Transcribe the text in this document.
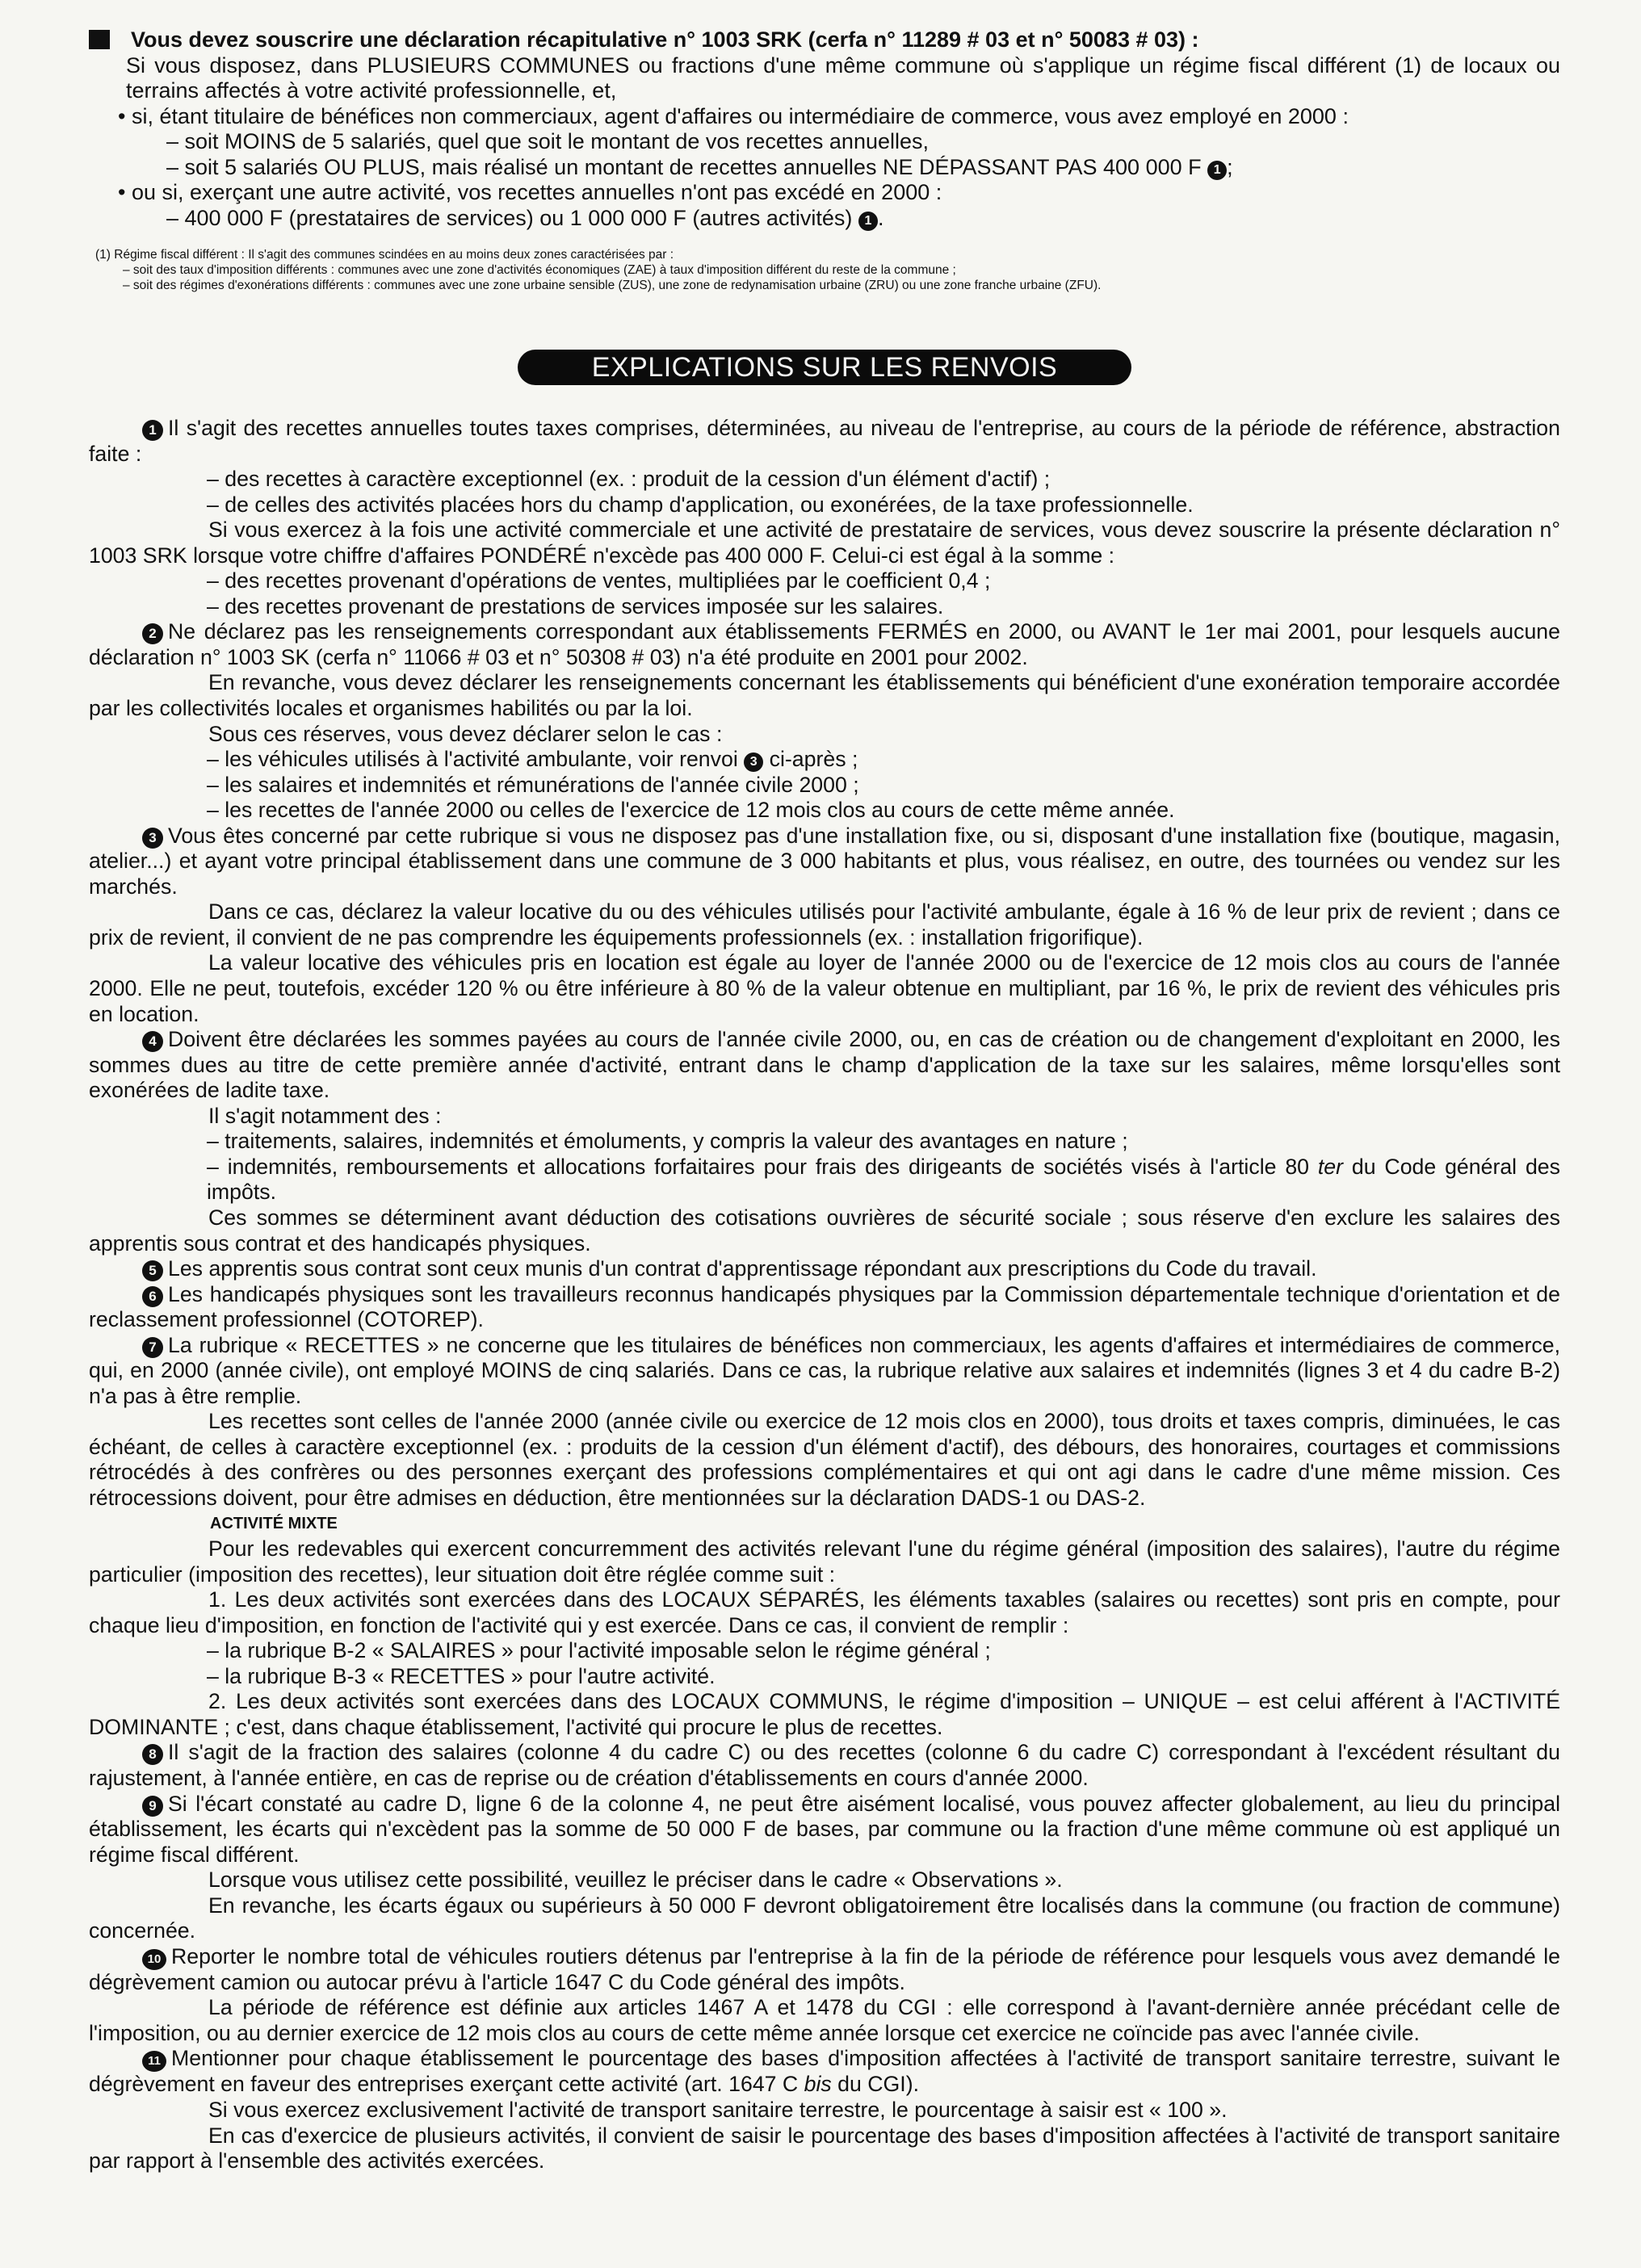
Vous devez souscrire une déclaration récapitulative n° 1003 SRK (cerfa n° 11289 # 03 et n° 50083 # 03) :

Si vous disposez, dans PLUSIEURS COMMUNES ou fractions d'une même commune où s'applique un régime fiscal différent (1) de locaux ou terrains affectés à votre activité professionnelle, et,

• si, étant titulaire de bénéfices non commerciaux, agent d'affaires ou intermédiaire de commerce, vous avez employé en 2000 :

– soit MOINS de 5 salariés, quel que soit le montant de vos recettes annuelles,

– soit 5 salariés OU PLUS, mais réalisé un montant de recettes annuelles NE DÉPASSANT PAS 400 000 F 1 ;

• ou si, exerçant une autre activité, vos recettes annuelles n'ont pas excédé en 2000 :

– 400 000 F (prestataires de services) ou 1 000 000 F (autres activités) 1 .

(1) Régime fiscal différent : Il s'agit des communes scindées en au moins deux zones caractérisées par :

– soit des taux d'imposition différents : communes avec une zone d'activités économiques (ZAE) à taux d'imposition différent du reste de la commune ;

– soit des régimes d'exonérations différents : communes avec une zone urbaine sensible (ZUS), une zone de redynamisation urbaine (ZRU) ou une zone franche urbaine (ZFU).

EXPLICATIONS SUR LES RENVOIS

1 Il s'agit des recettes annuelles toutes taxes comprises, déterminées, au niveau de l'entreprise, au cours de la période de référence, abstraction faite :

– des recettes à caractère exceptionnel (ex. : produit de la cession d'un élément d'actif) ;

– de celles des activités placées hors du champ d'application, ou exonérées, de la taxe professionnelle.

Si vous exercez à la fois une activité commerciale et une activité de prestataire de services, vous devez souscrire la présente déclaration n° 1003 SRK lorsque votre chiffre d'affaires PONDÉRÉ n'excède pas 400 000 F. Celui-ci est égal à la somme :

– des recettes provenant d'opérations de ventes, multipliées par le coefficient 0,4 ;

– des recettes provenant de prestations de services imposée sur les salaires.

2 Ne déclarez pas les renseignements correspondant aux établissements FERMÉS en 2000, ou AVANT le 1er mai 2001, pour lesquels aucune déclaration n° 1003 SK (cerfa n° 11066 # 03 et n° 50308 # 03) n'a été produite en 2001 pour 2002.

En revanche, vous devez déclarer les renseignements concernant les établissements qui bénéficient d'une exonération temporaire accordée par les collectivités locales et organismes habilités ou par la loi.

Sous ces réserves, vous devez déclarer selon le cas :

– les véhicules utilisés à l'activité ambulante, voir renvoi 3 ci-après ;

– les salaires et indemnités et rémunérations de l'année civile 2000 ;

– les recettes de l'année 2000 ou celles de l'exercice de 12 mois clos au cours de cette même année.

3 Vous êtes concerné par cette rubrique si vous ne disposez pas d'une installation fixe, ou si, disposant d'une installation fixe (boutique, magasin, atelier...) et ayant votre principal établissement dans une commune de 3 000 habitants et plus, vous réalisez, en outre, des tournées ou vendez sur les marchés.

Dans ce cas, déclarez la valeur locative du ou des véhicules utilisés pour l'activité ambulante, égale à 16 % de leur prix de revient ; dans ce prix de revient, il convient de ne pas comprendre les équipements professionnels (ex. : installation frigorifique).

La valeur locative des véhicules pris en location est égale au loyer de l'année 2000 ou de l'exercice de 12 mois clos au cours de l'année 2000. Elle ne peut, toutefois, excéder 120 % ou être inférieure à 80 % de la valeur obtenue en multipliant, par 16 %, le prix de revient des véhicules pris en location.

4 Doivent être déclarées les sommes payées au cours de l'année civile 2000, ou, en cas de création ou de changement d'exploitant en 2000, les sommes dues au titre de cette première année d'activité, entrant dans le champ d'application de la taxe sur les salaires, même lorsqu'elles sont exonérées de ladite taxe.

Il s'agit notamment des :

– traitements, salaires, indemnités et émoluments, y compris la valeur des avantages en nature ;

– indemnités, remboursements et allocations forfaitaires pour frais des dirigeants de sociétés visés à l'article 80 ter du Code général des impôts.

Ces sommes se déterminent avant déduction des cotisations ouvrières de sécurité sociale ; sous réserve d'en exclure les salaires des apprentis sous contrat et des handicapés physiques.

5 Les apprentis sous contrat sont ceux munis d'un contrat d'apprentissage répondant aux prescriptions du Code du travail.

6 Les handicapés physiques sont les travailleurs reconnus handicapés physiques par la Commission départementale technique d'orientation et de reclassement professionnel (COTOREP).

7 La rubrique « RECETTES » ne concerne que les titulaires de bénéfices non commerciaux, les agents d'affaires et intermédiaires de commerce, qui, en 2000 (année civile), ont employé MOINS de cinq salariés. Dans ce cas, la rubrique relative aux salaires et indemnités (lignes 3 et 4 du cadre B-2) n'a pas à être remplie.

Les recettes sont celles de l'année 2000 (année civile ou exercice de 12 mois clos en 2000), tous droits et taxes compris, diminuées, le cas échéant, de celles à caractère exceptionnel (ex. : produits de la cession d'un élément d'actif), des débours, des honoraires, courtages et commissions rétrocédés à des confrères ou des personnes exerçant des professions complémentaires et qui ont agi dans le cadre d'une même mission. Ces rétrocessions doivent, pour être admises en déduction, être mentionnées sur la déclaration DADS-1 ou DAS-2.

ACTIVITÉ MIXTE

Pour les redevables qui exercent concurremment des activités relevant l'une du régime général (imposition des salaires), l'autre du régime particulier (imposition des recettes), leur situation doit être réglée comme suit :

1. Les deux activités sont exercées dans des LOCAUX SÉPARÉS, les éléments taxables (salaires ou recettes) sont pris en compte, pour chaque lieu d'imposition, en fonction de l'activité qui y est exercée. Dans ce cas, il convient de remplir :

– la rubrique B-2 « SALAIRES » pour l'activité imposable selon le régime général ;

– la rubrique B-3 « RECETTES » pour l'autre activité.

2. Les deux activités sont exercées dans des LOCAUX COMMUNS, le régime d'imposition – UNIQUE – est celui afférent à l'ACTIVITÉ DOMINANTE ; c'est, dans chaque établissement, l'activité qui procure le plus de recettes.

8 Il s'agit de la fraction des salaires (colonne 4 du cadre C) ou des recettes (colonne 6 du cadre C) correspondant à l'excédent résultant du rajustement, à l'année entière, en cas de reprise ou de création d'établissements en cours d'année 2000.

9 Si l'écart constaté au cadre D, ligne 6 de la colonne 4, ne peut être aisément localisé, vous pouvez affecter globalement, au lieu du principal établissement, les écarts qui n'excèdent pas la somme de 50 000 F de bases, par commune ou la fraction d'une même commune où est appliqué un régime fiscal différent.

Lorsque vous utilisez cette possibilité, veuillez le préciser dans le cadre « Observations ».

En revanche, les écarts égaux ou supérieurs à 50 000 F devront obligatoirement être localisés dans la commune (ou fraction de commune) concernée.

10 Reporter le nombre total de véhicules routiers détenus par l'entreprise à la fin de la période de référence pour lesquels vous avez demandé le dégrèvement camion ou autocar prévu à l'article 1647 C du Code général des impôts.

La période de référence est définie aux articles 1467 A et 1478 du CGI : elle correspond à l'avant-dernière année précédant celle de l'imposition, ou au dernier exercice de 12 mois clos au cours de cette même année lorsque cet exercice ne coïncide pas avec l'année civile.

11 Mentionner pour chaque établissement le pourcentage des bases d'imposition affectées à l'activité de transport sanitaire terrestre, suivant le dégrèvement en faveur des entreprises exerçant cette activité (art. 1647 C bis du CGI).

Si vous exercez exclusivement l'activité de transport sanitaire terrestre, le pourcentage à saisir est « 100 ».

En cas d'exercice de plusieurs activités, il convient de saisir le pourcentage des bases d'imposition affectées à l'activité de transport sanitaire par rapport à l'ensemble des activités exercées.
